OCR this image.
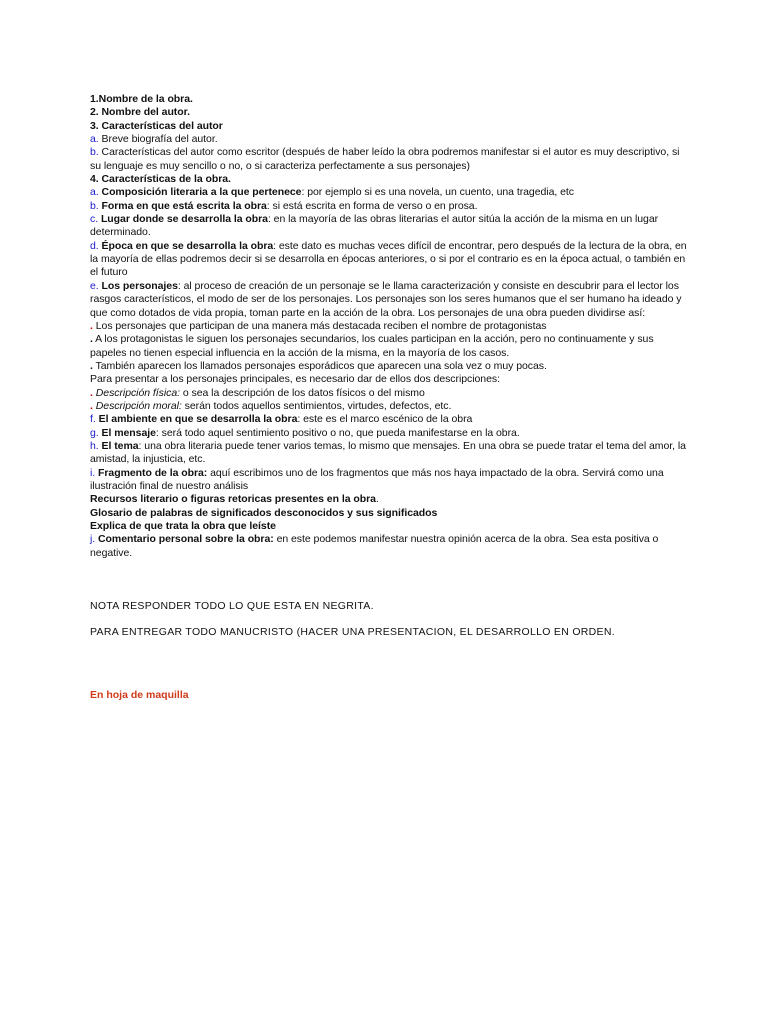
1.Nombre de la obra.

2. Nombre del autor.

3. Características del autor

a. Breve biografía del autor.

b. Características del autor como escritor (después de haber leído la obra podremos manifestar si el autor es muy descriptivo, si su lenguaje es muy sencillo o no, o si caracteriza perfectamente a sus personajes)

4. Características de la obra.

a. Composición literaria a la que pertenece: por ejemplo si es una novela, un cuento, una tragedia, etc

b. Forma en que está escrita la obra: si está escrita en forma de verso o en prosa.

c. Lugar donde se desarrolla la obra: en la mayoría de las obras literarias el autor sitúa la acción de la misma en un lugar determinado.

d. Época en que se desarrolla la obra: este dato es muchas veces difícil de encontrar, pero después de la lectura de la obra, en la mayoría de ellas podremos decir si se desarrolla en épocas anteriores, o si por el contrario es en la época actual, o también en el futuro

e. Los personajes: al proceso de creación de un personaje se le llama caracterización y consiste en descubrir para el lector los rasgos característicos, el modo de ser de los personajes. Los personajes son los seres humanos que el ser humano ha ideado y que como dotados de vida propia, toman parte en la acción de la obra. Los personajes de una obra pueden dividirse así:

. Los personajes que participan de una manera más destacada reciben el nombre de protagonistas

. A los protagonistas le siguen los personajes secundarios, los cuales participan en la acción, pero no continuamente y sus papeles no tienen especial influencia en la acción de la misma, en la mayoría de los casos.

. También aparecen los llamados personajes esporádicos que aparecen una sola vez o muy pocas.

Para presentar a los personajes principales, es necesario dar de ellos dos descripciones:

. Descripción física: o sea la descripción de los datos físicos o del mismo

. Descripción moral: serán todos aquellos sentimientos, virtudes, defectos, etc.

f. El ambiente en que se desarrolla la obra: este es el marco escénico de la obra

g. El mensaje: será todo aquel sentimiento positivo o no, que pueda manifestarse en la obra.

h. El tema: una obra literaria puede tener varios temas, lo mismo que mensajes. En una obra se puede tratar el tema del amor, la amistad, la injusticia, etc.

i. Fragmento de la obra: aquí escribimos uno de los fragmentos que más nos haya impactado de la obra. Servirá como una ilustración final de nuestro análisis

Recursos literario o figuras retoricas presentes en la obra.

Glosario de palabras de significados desconocidos y sus significados

Explica de que trata la obra que leíste

j. Comentario personal sobre la obra: en este podemos manifestar nuestra opinión acerca de la obra. Sea esta positiva o negative.

NOTA RESPONDER TODO LO QUE ESTA EN NEGRITA.

PARA ENTREGAR TODO MANUCRISTO (HACER UNA PRESENTACION, EL DESARROLLO EN ORDEN.

En hoja de maquilla
